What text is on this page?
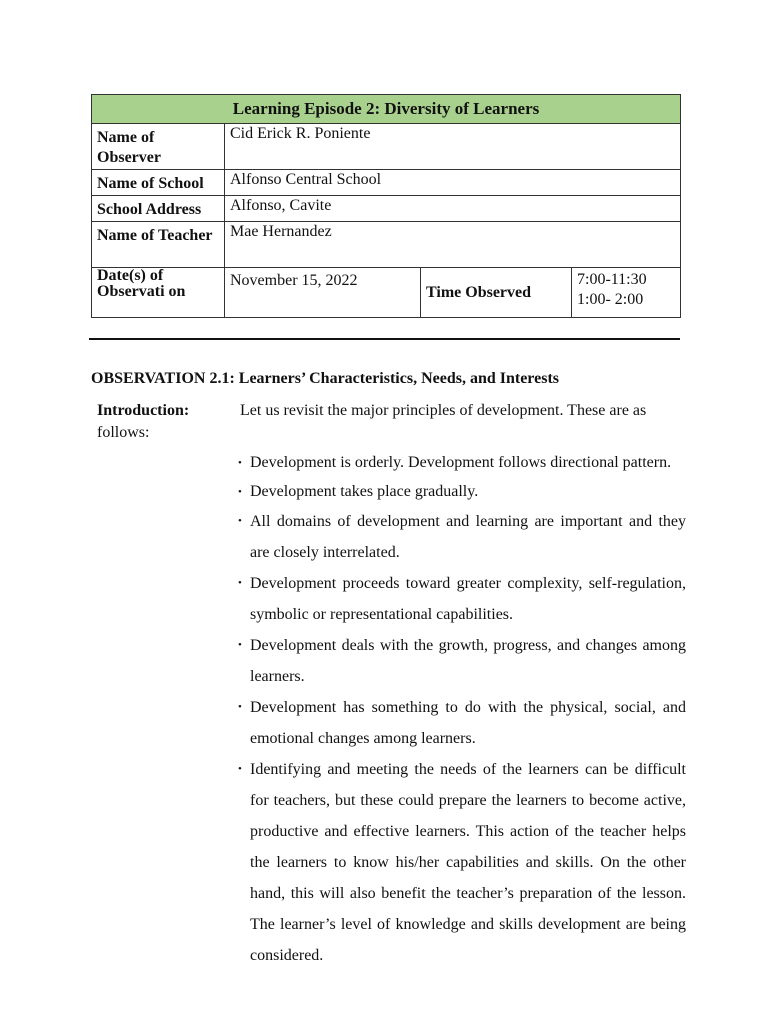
Learning Episode 2: Diversity of Learners			
Name of Observer	Cid Erick R. Poniente		
Name of School	Alfonso Central School		
School Address	Alfonso, Cavite		
Name of Teacher	Mae Hernandez		
Date(s) of Observati on	November 15, 2022	Time Observed	7:00-11:30
1:00- 2:00
OBSERVATION 2.1: Learners’ Characteristics, Needs, and Interests
Introduction:
follows:
Let us revisit the major principles of development. These are as
• Development is orderly. Development follows directional pattern.
• Development takes place gradually.
• All domains of development and learning are important and they are closely interrelated.
• Development proceeds toward greater complexity, self-regulation, symbolic or representational capabilities.
• Development deals with the growth, progress, and changes among learners.
• Development has something to do with the physical, social, and emotional changes among learners.
• Identifying and meeting the needs of the learners can be difficult for teachers, but these could prepare the learners to become active, productive and effective learners. This action of the teacher helps the learners to know his/her capabilities and skills. On the other hand, this will also benefit the teacher’s preparation of the lesson. The learner’s level of knowledge and skills development are being considered.
